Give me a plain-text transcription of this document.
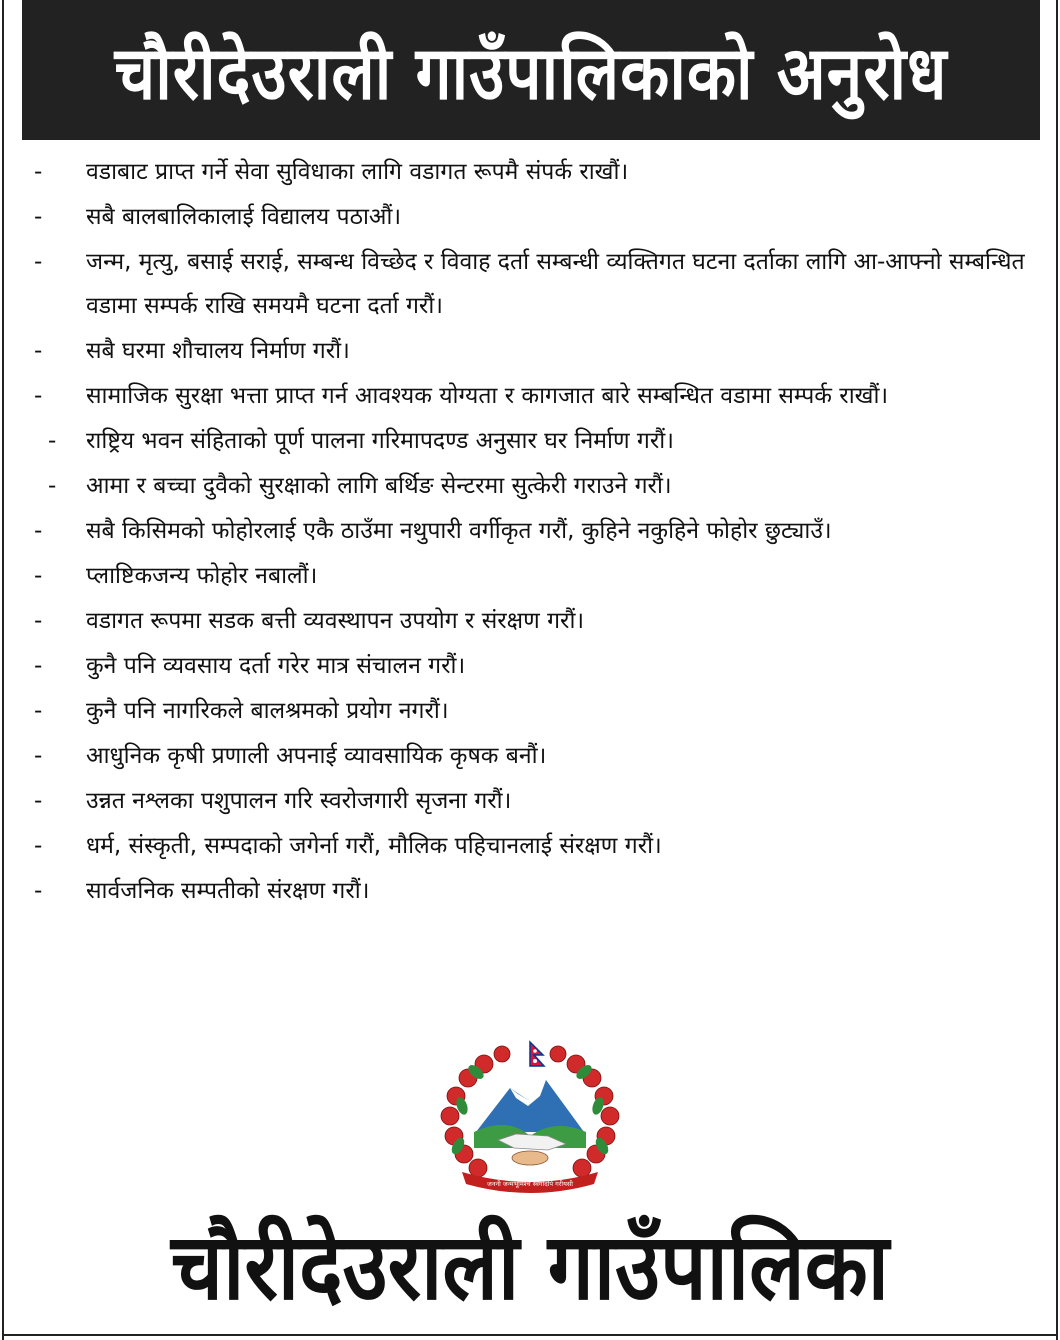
चौरीदेउराली गाउँपालिकाको अनुरोध
-	वडाबाट प्राप्त गर्ने सेवा सुविधाका लागि वडागत रूपमै संपर्क राखौं।
-	सबै बालबालिकालाई विद्यालय पठाऔं।
-	जन्म, मृत्यु, बसाई सराई, सम्बन्ध विच्छेद र विवाह दर्ता सम्बन्धी व्यक्तिगत घटना दर्ताका लागि आ-आफ्नो सम्बन्धित वडामा सम्पर्क राखि समयमै घटना दर्ता गरौं।
-	सबै घरमा शौचालय निर्माण गरौं।
-	सामाजिक सुरक्षा भत्ता प्राप्त गर्न आवश्यक योग्यता र कागजात बारे सम्बन्धित वडामा सम्पर्क राखौं।
-	राष्ट्रिय भवन संहिताको पूर्ण पालना गरिमापदण्ड अनुसार घर निर्माण गरौं।
-	आमा र बच्चा दुवैको सुरक्षाको लागि बर्थिङ सेन्टरमा सुत्केरी गराउने गरौं।
-	सबै किसिमको फोहोरलाई एकै ठाउँमा नथुपारी वर्गीकृत गरौं, कुहिने नकुहिने फोहोर छुट्याउँ।
-	प्लाष्टिकजन्य फोहोर नबालौं।
-	वडागत रूपमा सडक बत्ती व्यवस्थापन उपयोग र संरक्षण गरौं।
-	कुनै पनि व्यवसाय दर्ता गरेर मात्र संचालन गरौं।
-	कुनै पनि नागरिकले बालश्रमको प्रयोग नगरौं।
-	आधुनिक कृषी प्रणाली अपनाई व्यावसायिक कृषक बनौं।
-	उन्नत नश्लका पशुपालन गरि स्वरोजगारी सृजना गरौं।
-	धर्म, संस्कृती, सम्पदाको जगेर्ना गरौं, मौलिक पहिचानलाई संरक्षण गरौं।
-	सार्वजनिक सम्पतीको संरक्षण गरौं।
जननी जन्मभूमिश्च स्वर्गादपि गरीयसी
चौरीदेउराली गाउँपालिका
